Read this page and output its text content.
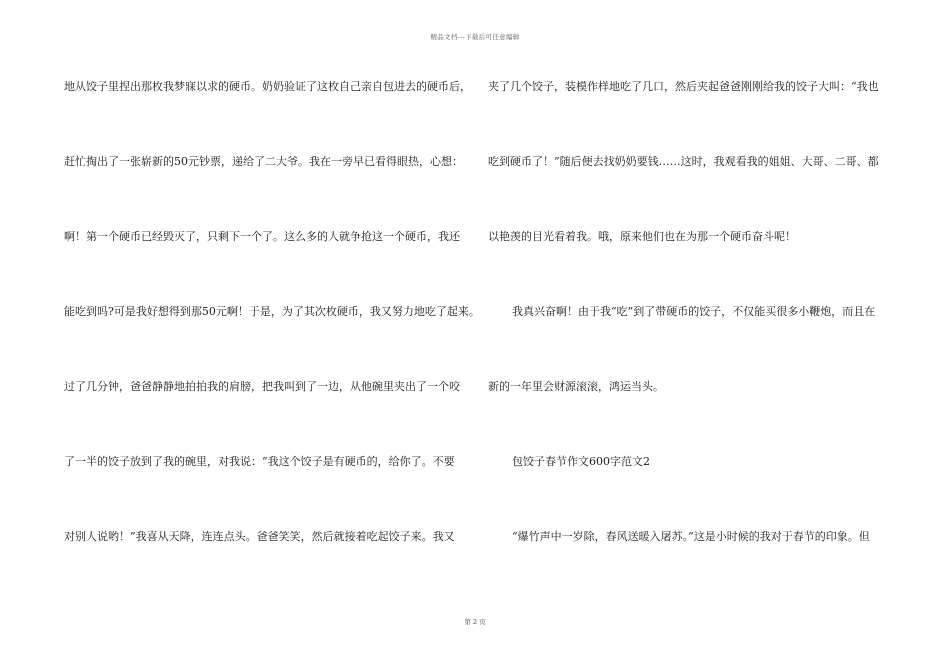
精品文档---下载后可任意编辑
地从饺子里捏出那枚我梦寐以求的硬币。奶奶验证了这枚自己亲自包进去的硬币后，
赶忙掏出了一张崭新的50元钞票，递给了二大爷。我在一旁早已看得眼热，心想：
啊！第一个硬币已经毁灭了，只剩下一个了。这么多的人就争抢这一个硬币，我还
能吃到吗?可是我好想得到那50元啊！于是，为了其次枚硬币，我又努力地吃了起来。
过了几分钟，爸爸静静地拍拍我的肩膀，把我叫到了一边，从他碗里夹出了一个咬
了一半的饺子放到了我的碗里，对我说：“我这个饺子是有硬币的，给你了。不要
对别人说哟！”我喜从天降，连连点头。爸爸笑笑，然后就接着吃起饺子来。我又
夹了几个饺子，装模作样地吃了几口，然后夹起爸爸刚刚给我的饺子大叫：“我也
吃到硬币了！”随后便去找奶奶要钱……这时，我观看我的姐姐、大哥、二哥、都
以艳羡的目光看着我。哦，原来他们也在为那一个硬币奋斗呢！
我真兴奋啊！由于我“吃”到了带硬币的饺子，不仅能买很多小鞭炮，而且在
新的一年里会财源滚滚，鸿运当头。
包饺子春节作文600字范文2
“爆竹声中一岁除，春风送暖入屠苏。”这是小时候的我对于春节的印象。但
第 2 页
